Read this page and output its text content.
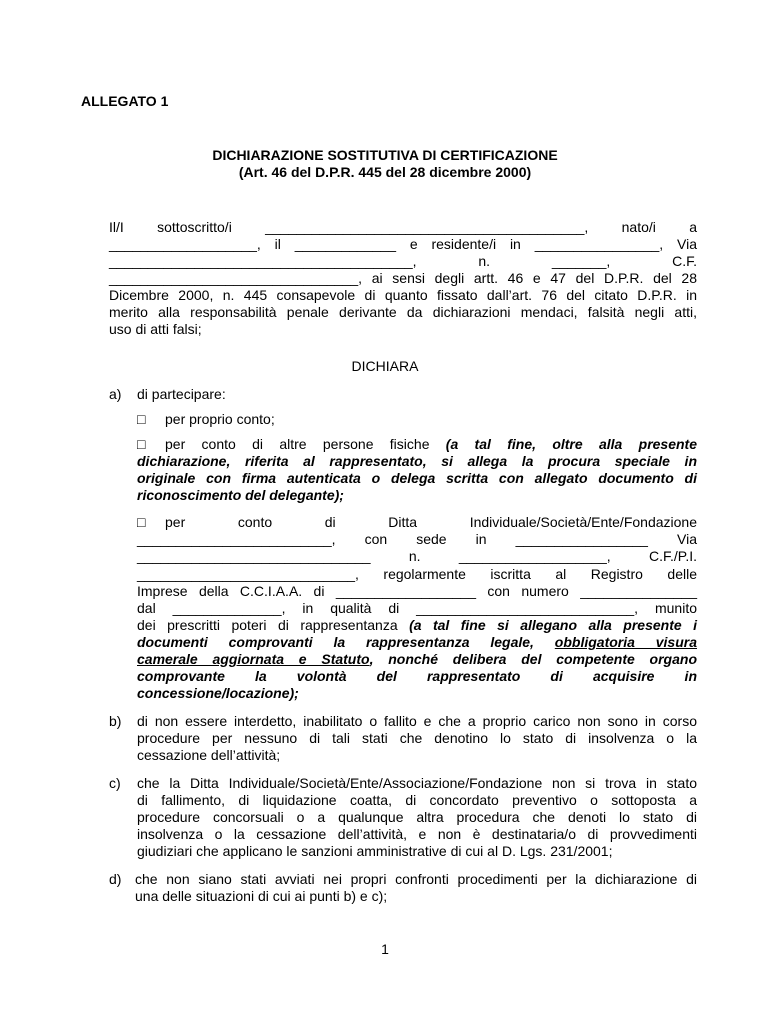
ALLEGATO 1
DICHIARAZIONE SOSTITUTIVA DI CERTIFICAZIONE
(Art. 46 del D.P.R. 445 del 28 dicembre 2000)
Il/I sottoscritto/i _________________________________________, nato/i a
___________________, il _____________ e residente/i in ________________, Via
_______________________________________, n. _______, C.F.
________________________________, ai sensi degli artt. 46 e 47 del D.P.R. del 28
Dicembre 2000, n. 445 consapevole di quanto fissato dall’art. 76 del citato D.P.R. in
merito alla responsabilità penale derivante da dichiarazioni mendaci, falsità negli atti,
uso di atti falsi;
DICHIARA
a) di partecipare:
□ per proprio conto;
□ per conto di altre persone fisiche (a tal fine, oltre alla presente
dichiarazione, riferita al rappresentato, si allega la procura speciale in
originale con firma autenticata o delega scritta con allegato documento di
riconoscimento del delegante);
□ per conto di Ditta Individuale/Società/Ente/Fondazione
_________________________, con sede in _________________ Via
______________________________ n. ___________________, C.F./P.I.
____________________________, regolarmente iscritta al Registro delle
Imprese della C.C.I.A.A. di __________________ con numero _______________
dal ______________, in qualità di ____________________________, munito
dei prescritti poteri di rappresentanza (a tal fine si allegano alla presente i
documenti comprovanti la rappresentanza legale, obbligatoria visura
camerale aggiornata e Statuto, nonché delibera del competente organo
comprovante la volontà del rappresentato di acquisire in
concessione/locazione);
b) di non essere interdetto, inabilitato o fallito e che a proprio carico non sono in corso
procedure per nessuno di tali stati che denotino lo stato di insolvenza o la
cessazione dell’attività;
c) che la Ditta Individuale/Società/Ente/Associazione/Fondazione non si trova in stato
di fallimento, di liquidazione coatta, di concordato preventivo o sottoposta a
procedure concorsuali o a qualunque altra procedura che denoti lo stato di
insolvenza o la cessazione dell’attività, e non è destinataria/o di provvedimenti
giudiziari che applicano le sanzioni amministrative di cui al D. Lgs. 231/2001;
d) che non siano stati avviati nei propri confronti procedimenti per la dichiarazione di
una delle situazioni di cui ai punti b) e c);
1
